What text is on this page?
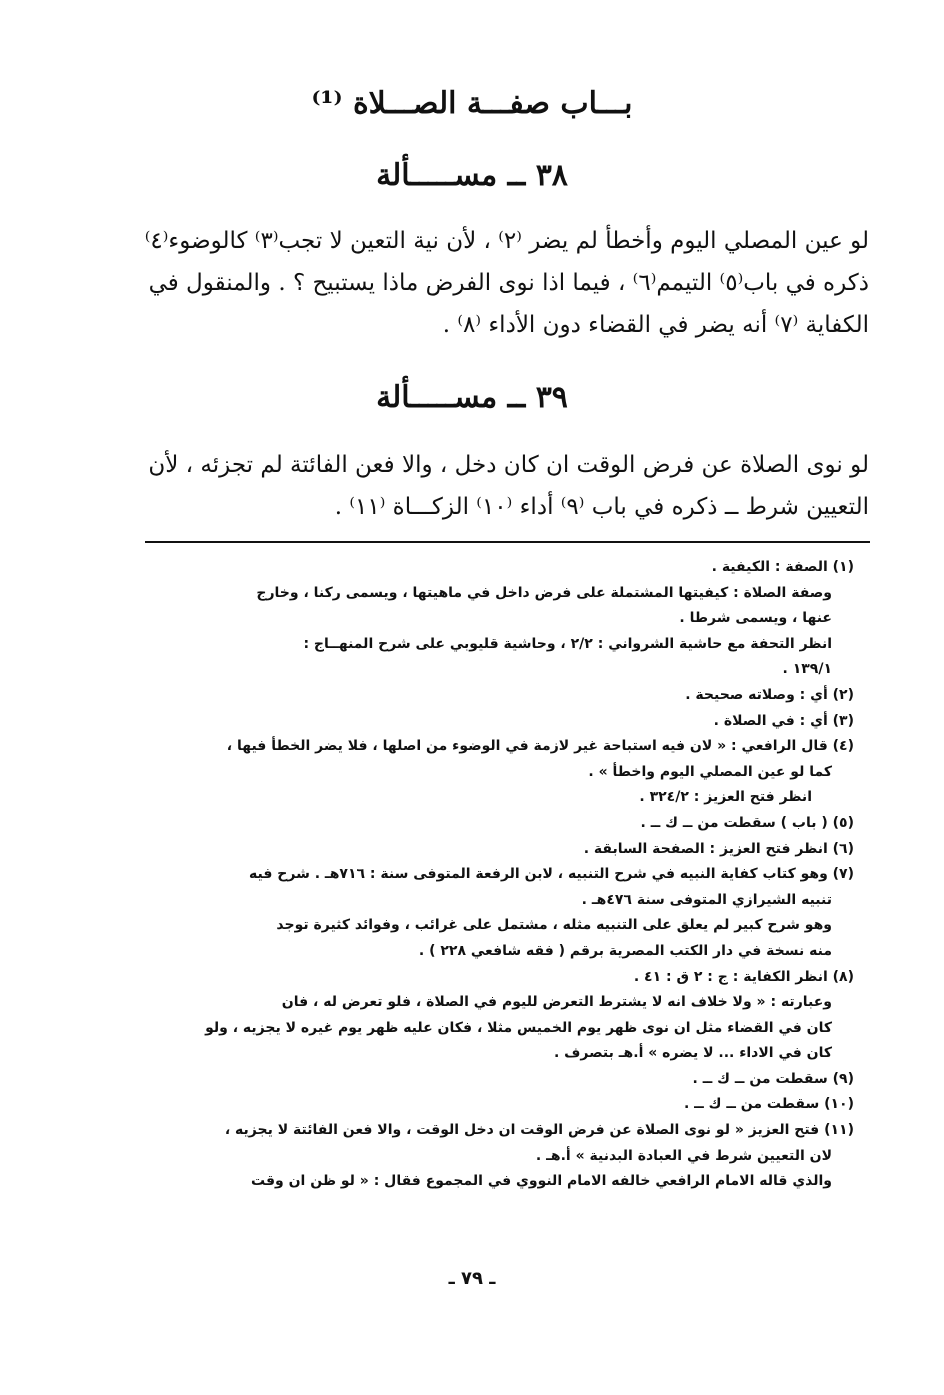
بـــاب صفـــة الصـــلاة ⁽¹⁾
٣٨ ــ مســـــألة

لو عين المصلي اليوم وأخطأ لم يضر ⁽٢⁾ ، لأن نية التعين لا تجب⁽٣⁾ كالوضوء⁽٤⁾
ذكره في باب⁽٥⁾ التيمم⁽٦⁾ ، فيما اذا نوى الفرض ماذا يستبيح ؟ . والمنقول في
الكفاية ⁽٧⁾ أنه يضر في القضاء دون الأداء ⁽٨⁾ .

٣٩ ــ مســـــألة

لو نوى الصلاة عن فرض الوقت ان كان دخل ، والا فعن الفائتة لم تجزئه ، لأن
التعيين شرط ــ ذكره في باب ⁽٩⁾ أداء ⁽١٠⁾ الزكـــاة ⁽١١⁾ .

(١) الصفة : الكيفية .
وصفة الصلاة : كيفيتها المشتملة على فرض داخل في ماهيتها ، ويسمى ركنا ، وخارج
عنها ، ويسمى شرطا .
انظر التحفة مع حاشية الشرواني : ٢/٢ ، وحاشية قليوبي على شرح المنهــاج :
١٣٩/١ .
(٢) أي : وصلاته صحيحة .
(٣) أي : في الصلاة .
(٤) قال الرافعي : « لان فيه استباحة غير لازمة في الوضوء من اصلها ، فلا يضر الخطأ فيها ،
كما لو عين المصلي اليوم واخطأ » .
انظر فتح العزيز : ٣٢٤/٢ .
(٥) ( باب ) سقطت من ــ ك ــ .
(٦) انظر فتح العزيز : الصفحة السابقة .
(٧) وهو كتاب كفاية النبيه في شرح التنبيه ، لابن الرفعة المتوفى سنة : ٧١٦هـ . شرح فيه
تنبيه الشيرازي المتوفى سنة ٤٧٦هـ .
وهو شرح كبير لم يعلق على التنبيه مثله ، مشتمل على غرائب ، وفوائد كثيرة توجد
منه نسخة في دار الكتب المصرية برقم ( فقه شافعي ٢٢٨ ) .
(٨) انظر الكفاية : ج : ٢ ق : ٤١ .
وعبارته : « ولا خلاف انه لا يشترط التعرض لليوم في الصلاة ، فلو تعرض له ، فان
كان في القضاء مثل ان نوى ظهر يوم الخميس مثلا ، فكان عليه ظهر يوم غيره لا يجزيه ، ولو
كان في الاداء ... لا يضره » أ.هـ بتصرف .
(٩) سقطت من ــ ك ــ .
(١٠) سقطت من ــ ك ــ .
(١١) فتح العزيز « لو نوى الصلاة عن فرض الوقت ان دخل الوقت ، والا فعن الفائتة لا يجزيه ،
لان التعيين شرط في العبادة البدنية » أ.هـ .
والذي قاله الامام الرافعي خالفه الامام النووي في المجموع فقال : « لو ظن ان وقت
ـ ٧٩ ـ
